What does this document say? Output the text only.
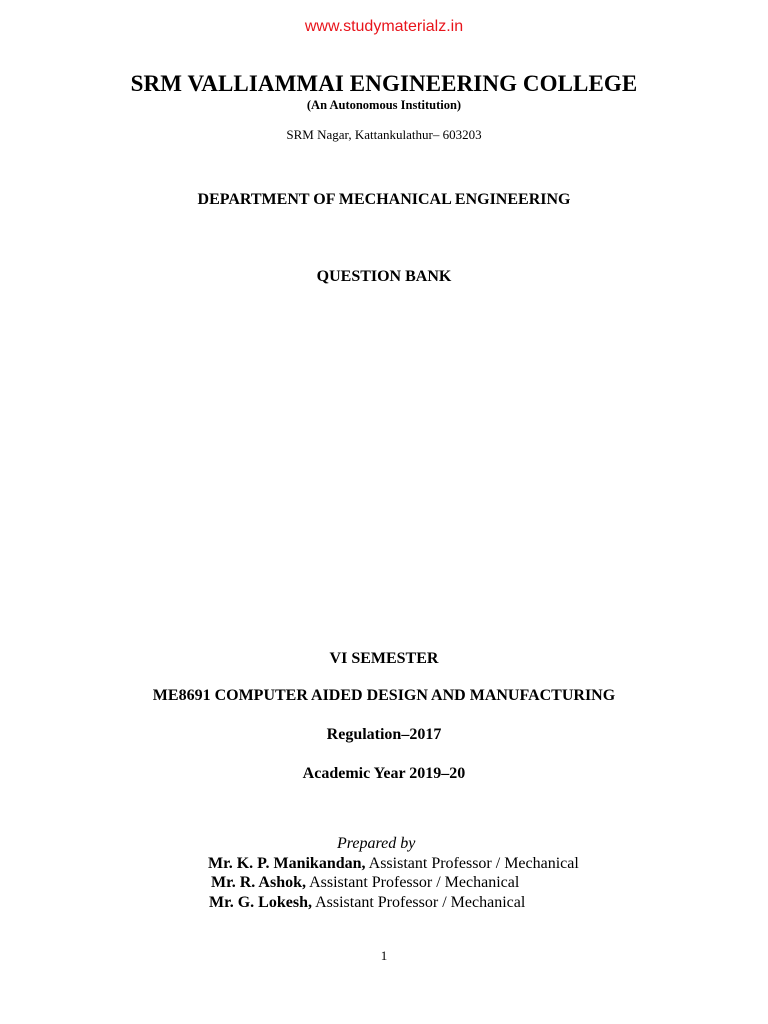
www.studymaterialz.in
SRM VALLIAMMAI ENGINEERING COLLEGE
(An Autonomous Institution)
SRM Nagar, Kattankulathur– 603203
DEPARTMENT OF MECHANICAL ENGINEERING
QUESTION BANK
VI SEMESTER
ME8691 COMPUTER AIDED DESIGN AND MANUFACTURING
Regulation–2017
Academic Year 2019–20
Prepared by
Mr. K. P. Manikandan, Assistant Professor / Mechanical
Mr. R. Ashok, Assistant Professor / Mechanical
Mr. G. Lokesh, Assistant Professor / Mechanical
1
